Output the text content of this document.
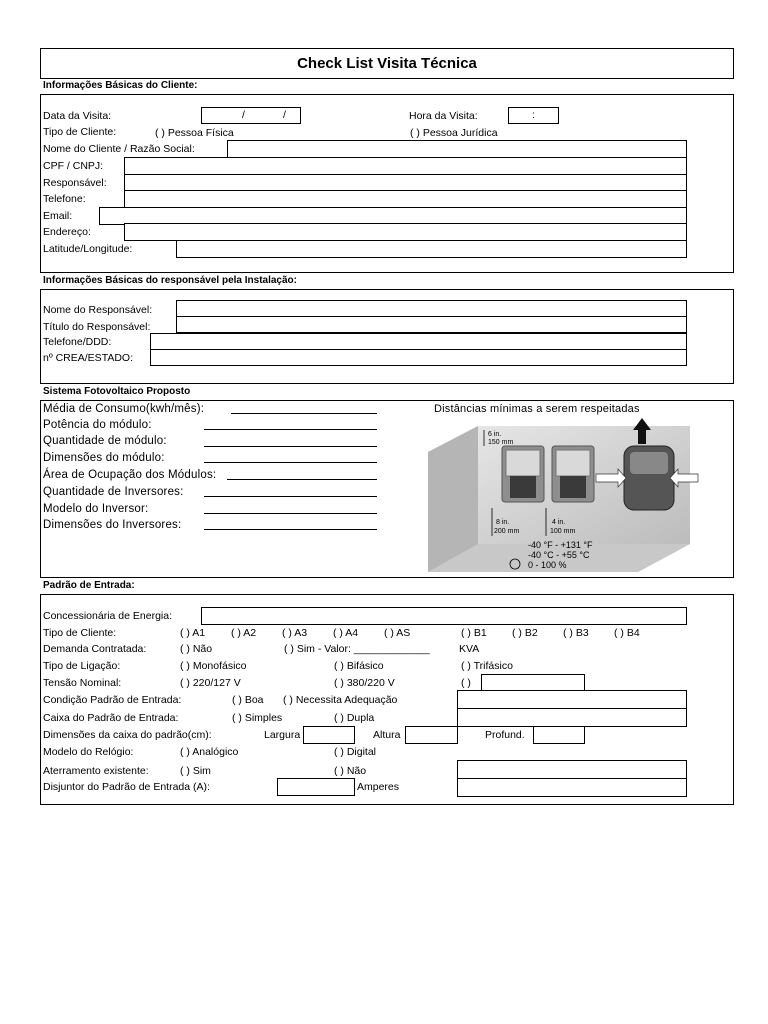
Check List Visita Técnica
Informações Básicas do Cliente:
Data da Visita:	/	/	Hora da Visita:	:
Tipo de Cliente:	( ) Pessoa Física	( ) Pessoa Jurídica
Nome do Cliente / Razão Social:
CPF / CNPJ:
Responsável:
Telefone:
Email:
Endereço:
Latitude/Longitude:
Informações Básicas do responsável pela Instalação:
Nome do Responsável:
Título do Responsável:
Telefone/DDD:
nº CREA/ESTADO:
Sistema Fotovoltaico Proposto
Média de Consumo(kwh/mês):
Potência do módulo:
Quantidade de módulo:
Dimensões do módulo:
Área de Ocupação dos Módulos:
Quantidade de Inversores:
Modelo do Inversor:
Dimensões do Inversores:
Distâncias mínimas a serem respeitadas
6 in.
150 mm
8 in.
200 mm
4 in.
100 mm
-40 °F - +131 °F
-40 °C - +55 °C
0 - 100 %
Padrão de Entrada:
Concessionária de Energia:
Tipo de Cliente:	( ) A1 ( ) A2 ( ) A3 ( ) A4 ( ) AS	( ) B1 ( ) B2 ( ) B3 ( ) B4
Demanda Contratada:	( ) Não	( ) Sim - Valor: _____________	KVA
Tipo de Ligação:	( ) Monofásico	( ) Bifásico	( ) Trifásico
Tensão Nominal:	( ) 220/127 V	( ) 380/220 V	( )
Condição Padrão de Entrada:	( ) Boa ( ) Necessita Adequação
Caixa do Padrão de Entrada:	( ) Simples	( ) Dupla
Dimensões da caixa do padrão(cm):	Largura	Altura	Profund.
Modelo do Relógio:	( ) Analógico	( ) Digital
Aterramento existente:	( ) Sim	( ) Não
Disjuntor do Padrão de Entrada (A):	Amperes
